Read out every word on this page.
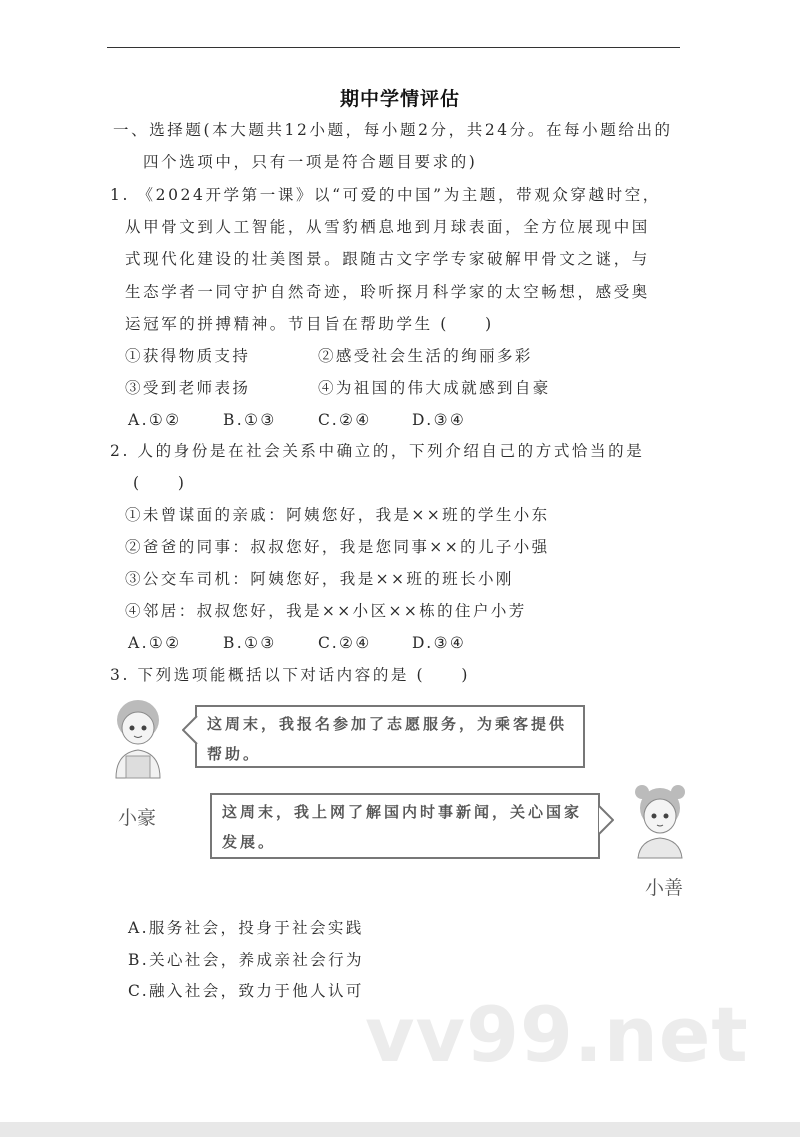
期中学情评估
一、选择题(本大题共12小题，每小题2分，共24分。在每小题给出的
四个选项中，只有一项是符合题目要求的)
1. 《2024开学第一课》以“可爱的中国”为主题，带观众穿越时空，
从甲骨文到人工智能，从雪豹栖息地到月球表面，全方位展现中国
式现代化建设的壮美图景。跟随古文字学专家破解甲骨文之谜，与
生态学者一同守护自然奇迹，聆听探月科学家的太空畅想，感受奥
运冠军的拼搏精神。节目旨在帮助学生 (　　)
①获得物质支持	②感受社会生活的绚丽多彩
③受到老师表扬	④为祖国的伟大成就感到自豪
A.①②	B.①③	C.②④	D.③④
2. 人的身份是在社会关系中确立的，下列介绍自己的方式恰当的是
(　　)
①未曾谋面的亲戚：阿姨您好，我是××班的学生小东
②爸爸的同事：叔叔您好，我是您同事××的儿子小强
③公交车司机：阿姨您好，我是××班的班长小刚
④邻居：叔叔您好，我是××小区××栋的住户小芳
A.①②	B.①③	C.②④	D.③④
3. 下列选项能概括以下对话内容的是 (　　)
这周末，我报名参加了志愿服务，为乘客提供帮助。
小豪	这周末，我上网了解国内时事新闻，关心国家发展。
小善
A.服务社会，投身于社会实践
B.关心社会，养成亲社会行为
C.融入社会，致力于他人认可 vv99.net
